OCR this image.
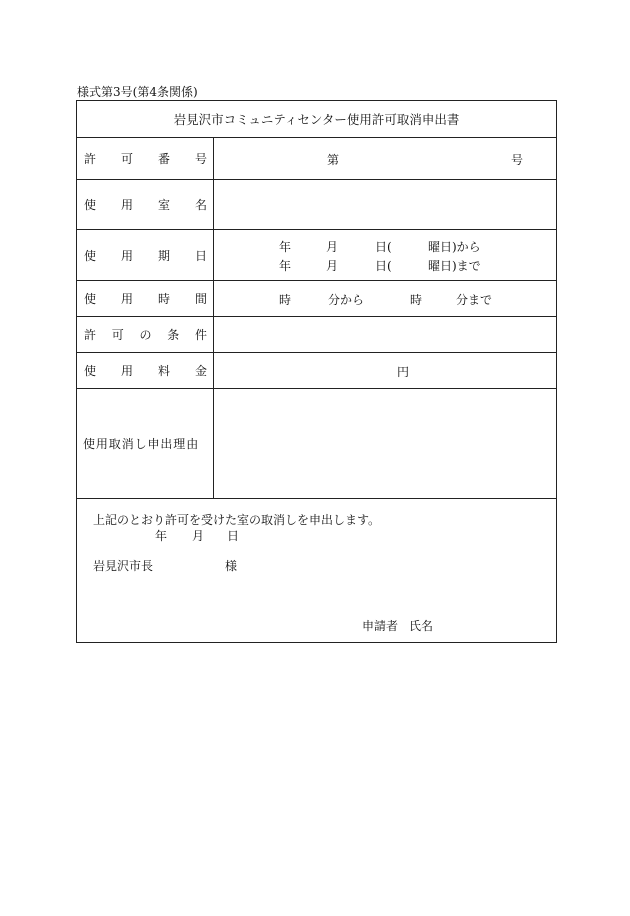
様式第3号(第4条関係)
岩見沢市コミュニティセンター使用許可取消申出書
許 可 番 号	第	号
使 用 室 名
使 用 期 日
年	月	日(	曜日)から
年	月	日(	曜日)まで
使 用 時 間	時	分から	時	分まで
許 可 の 条 件
使 用 料 金	円
使用取消し申出理由
上記のとおり許可を受けた室の取消しを申出します。
年 月 日
岩見沢市長	様
申請者 氏名
